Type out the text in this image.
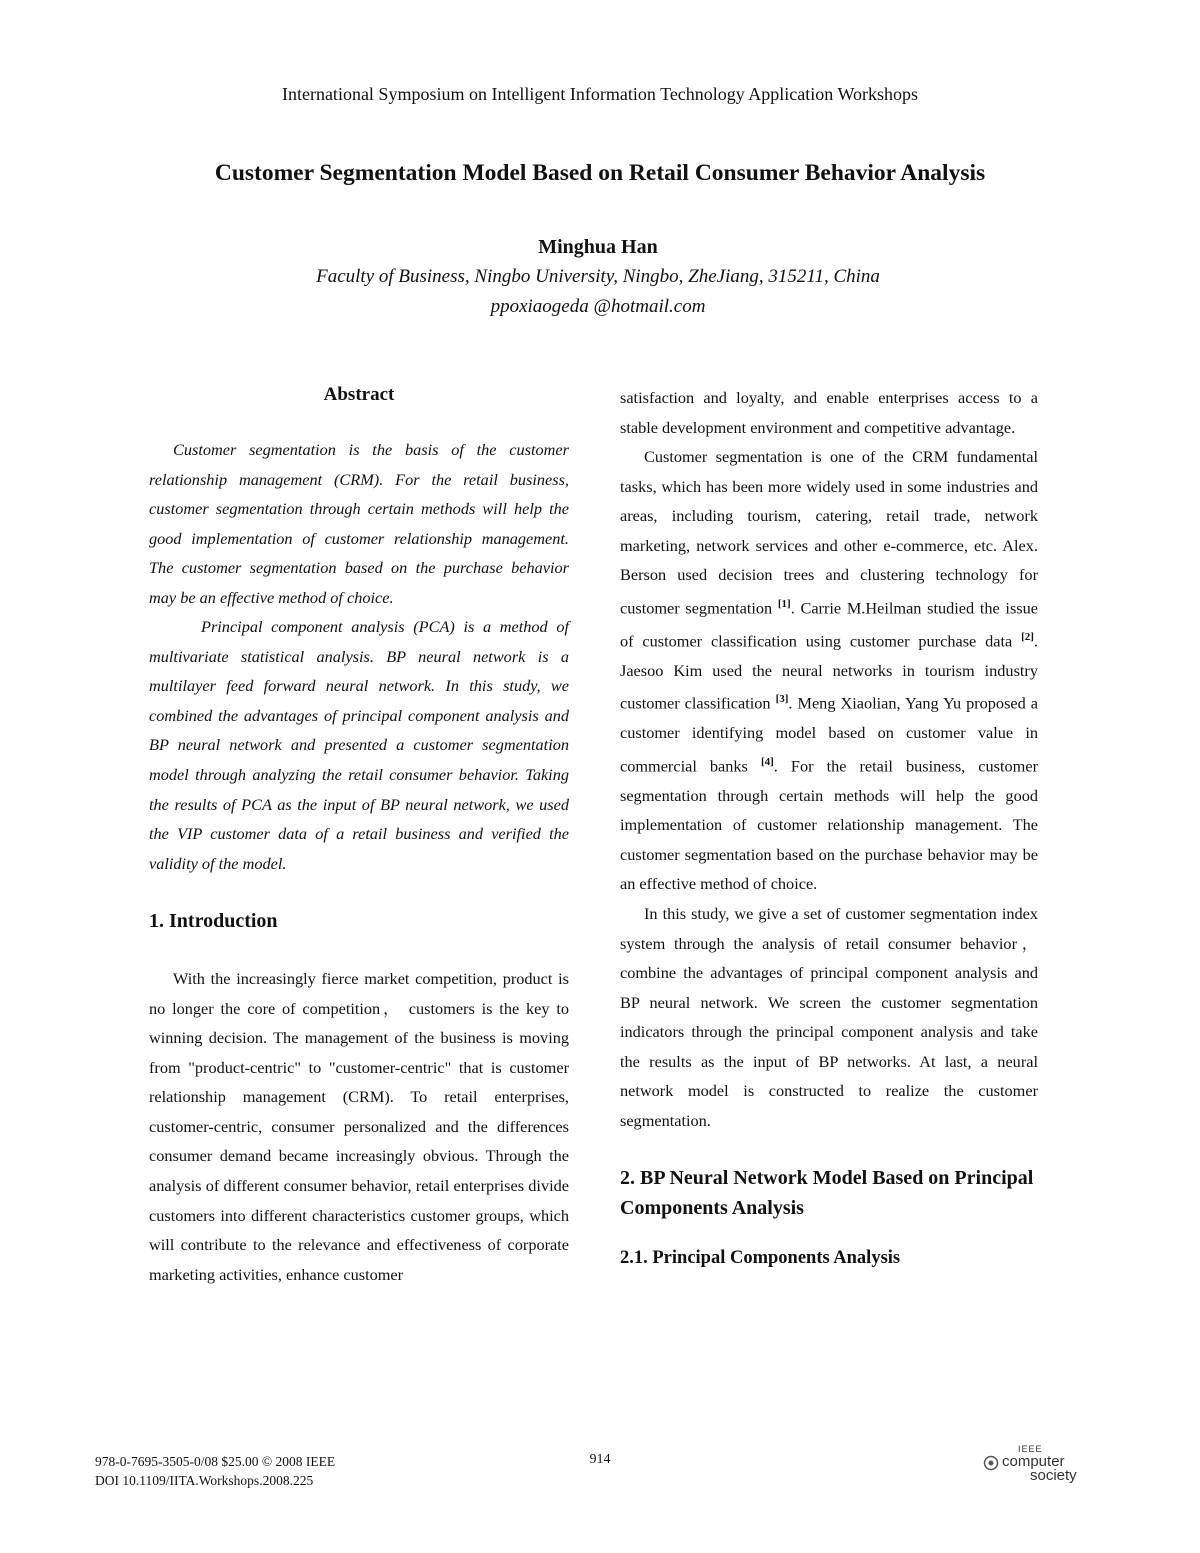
International Symposium on Intelligent Information Technology Application Workshops
Customer Segmentation Model Based on Retail Consumer Behavior Analysis
Minghua Han
Faculty of Business, Ningbo University, Ningbo, ZheJiang, 315211, China
ppoxiaogeda @hotmail.com
Abstract

Customer segmentation is the basis of the customer relationship management (CRM). For the retail business, customer segmentation through certain methods will help the good implementation of customer relationship management. The customer segmentation based on the purchase behavior may be an effective method of choice.

Principal component analysis (PCA) is a method of multivariate statistical analysis. BP neural network is a multilayer feed forward neural network. In this study, we combined the advantages of principal component analysis and BP neural network and presented a customer segmentation model through analyzing the retail consumer behavior. Taking the results of PCA as the input of BP neural network, we used the VIP customer data of a retail business and verified the validity of the model.

1. Introduction

With the increasingly fierce market competition, product is no longer the core of competition， customers is the key to winning decision. The management of the business is moving from "product-centric" to "customer-centric" that is customer relationship management (CRM). To retail enterprises, customer-centric, consumer personalized and the differences consumer demand became increasingly obvious. Through the analysis of different consumer behavior, retail enterprises divide customers into different characteristics customer groups, which will contribute to the relevance and effectiveness of corporate marketing activities, enhance customer

satisfaction and loyalty, and enable enterprises access to a stable development environment and competitive advantage.

Customer segmentation is one of the CRM fundamental tasks, which has been more widely used in some industries and areas, including tourism, catering, retail trade, network marketing, network services and other e-commerce, etc. Alex. Berson used decision trees and clustering technology for customer segmentation [1]. Carrie M.Heilman studied the issue of customer classification using customer purchase data [2]. Jaesoo Kim used the neural networks in tourism industry customer classification [3]. Meng Xiaolian, Yang Yu proposed a customer identifying model based on customer value in commercial banks [4]. For the retail business, customer segmentation through certain methods will help the good implementation of customer relationship management. The customer segmentation based on the purchase behavior may be an effective method of choice.

In this study, we give a set of customer segmentation index system through the analysis of retail consumer behavior， combine the advantages of principal component analysis and BP neural network. We screen the customer segmentation indicators through the principal component analysis and take the results as the input of BP networks. At last, a neural network model is constructed to realize the customer segmentation.

2. BP Neural Network Model Based on Principal Components Analysis
2.1. Principal Components Analysis
978-0-7695-3505-0/08 $25.00 © 2008 IEEE
DOI 10.1109/IITA.Workshops.2008.225
914
IEEE
computer
society
